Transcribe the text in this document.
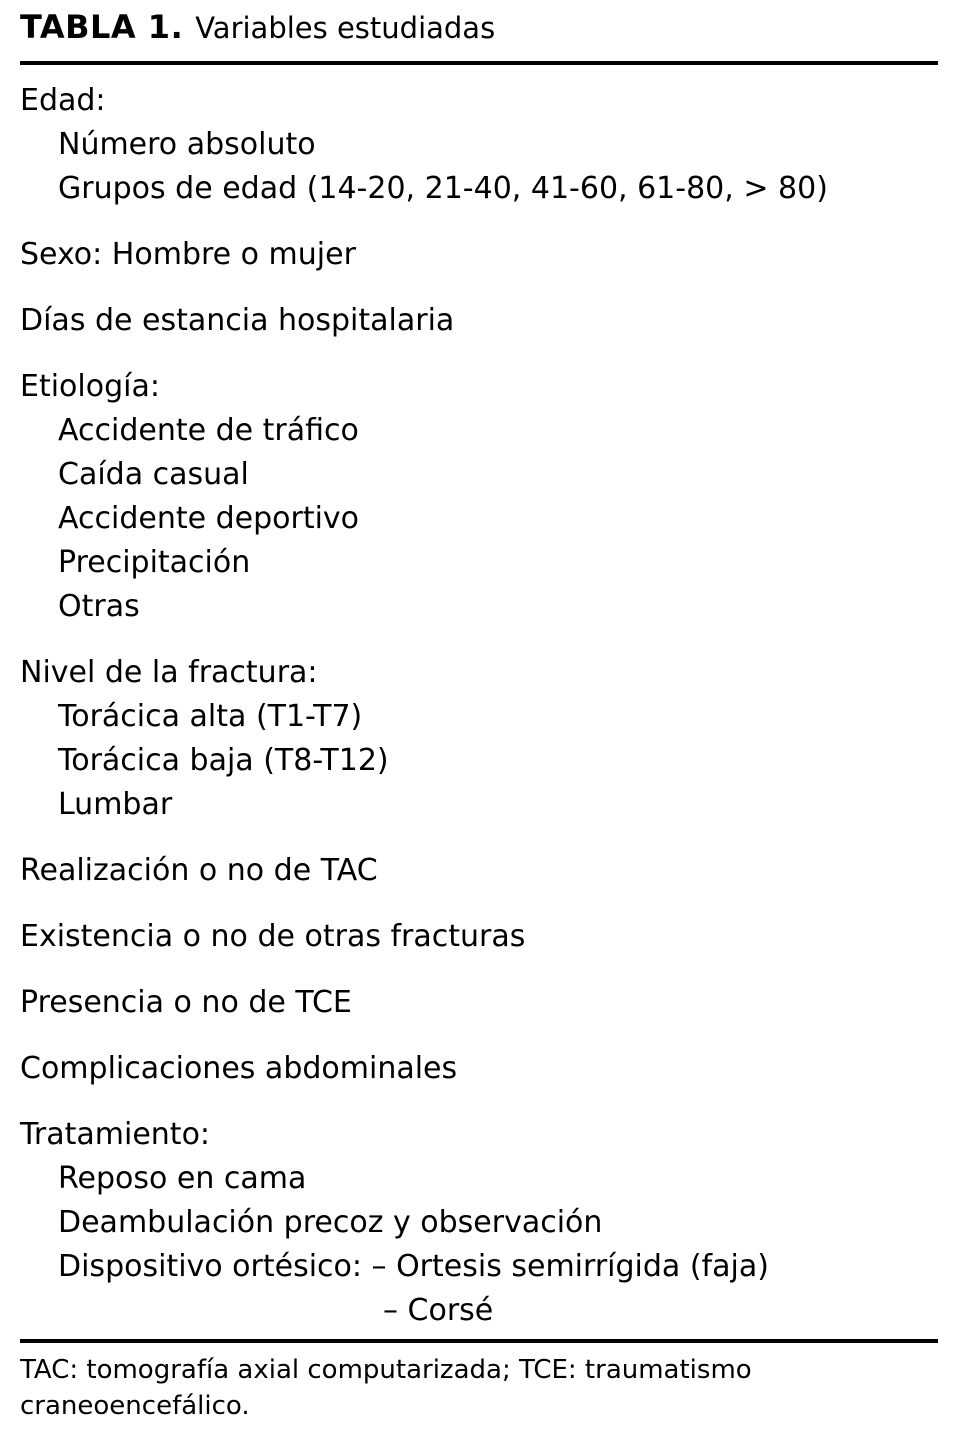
TABLA 1. Variables estudiadas
Edad:
Número absoluto
Grupos de edad (14-20, 21-40, 41-60, 61-80, > 80)
Sexo: Hombre o mujer
Días de estancia hospitalaria
Etiología:
Accidente de tráfico
Caída casual
Accidente deportivo
Precipitación
Otras
Nivel de la fractura:
Torácica alta (T1-T7)
Torácica baja (T8-T12)
Lumbar
Realización o no de TAC
Existencia o no de otras fracturas
Presencia o no de TCE
Complicaciones abdominales
Tratamiento:
Reposo en cama
Deambulación precoz y observación
Dispositivo ortésico: – Ortesis semirrígida (faja)
– Corsé
TAC: tomografía axial computarizada; TCE: traumatismo
craneoencefálico.
